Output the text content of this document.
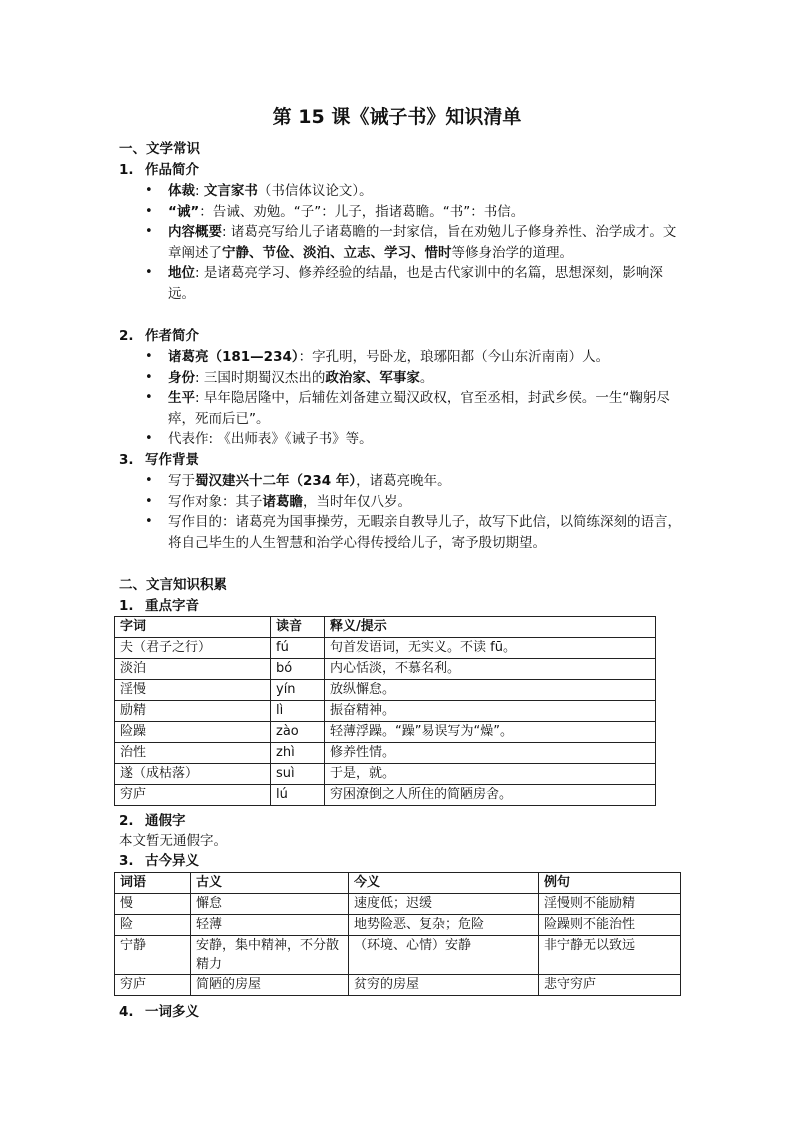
第 15 课《诫子书》知识清单
一、文学常识
1. 作品简介
• 体裁: 文言家书（书信体议论文）。
• “诫”：告诫、劝勉。“子”：儿子，指诸葛瞻。“书”：书信。
• 内容概要: 诸葛亮写给儿子诸葛瞻的一封家信，旨在劝勉儿子修身养性、治学成才。文章阐述了宁静、节俭、淡泊、立志、学习、惜时等修身治学的道理。
• 地位: 是诸葛亮学习、修养经验的结晶，也是古代家训中的名篇，思想深刻，影响深远。
2. 作者简介
• 诸葛亮（181—234）：字孔明，号卧龙，琅琊阳都（今山东沂南南）人。
• 身份: 三国时期蜀汉杰出的政治家、军事家。
• 生平: 早年隐居隆中，后辅佐刘备建立蜀汉政权，官至丞相，封武乡侯。一生“鞠躬尽瘁，死而后已”。
• 代表作: 《出师表》《诫子书》等。
3. 写作背景
• 写于蜀汉建兴十二年（234 年），诸葛亮晚年。
• 写作对象：其子诸葛瞻，当时年仅八岁。
• 写作目的：诸葛亮为国事操劳，无暇亲自教导儿子，故写下此信，以简练深刻的语言，将自己毕生的人生智慧和治学心得传授给儿子，寄予殷切期望。
二、文言知识积累
1. 重点字音
字词	读音	释义/提示
夫（君子之行）	fú	句首发语词，无实义。不读 fū。
淡泊	bó	内心恬淡，不慕名利。
淫慢	yín	放纵懈怠。
励精	lì	振奋精神。
险躁	zào	轻薄浮躁。“躁”易误写为“燥”。
治性	zhì	修养性情。
遂（成枯落）	suì	于是，就。
穷庐	lú	穷困潦倒之人所住的简陋房舍。
2. 通假字
本文暂无通假字。
3. 古今异义
词语	古义	今义	例句
慢	懈怠	速度低；迟缓	淫慢则不能励精
险	轻薄	地势险恶、复杂；危险	险躁则不能治性
宁静	安静，集中精神，不分散精力	（环境、心情）安静	非宁静无以致远
穷庐	简陋的房屋	贫穷的房屋	悲守穷庐
4. 一词多义
